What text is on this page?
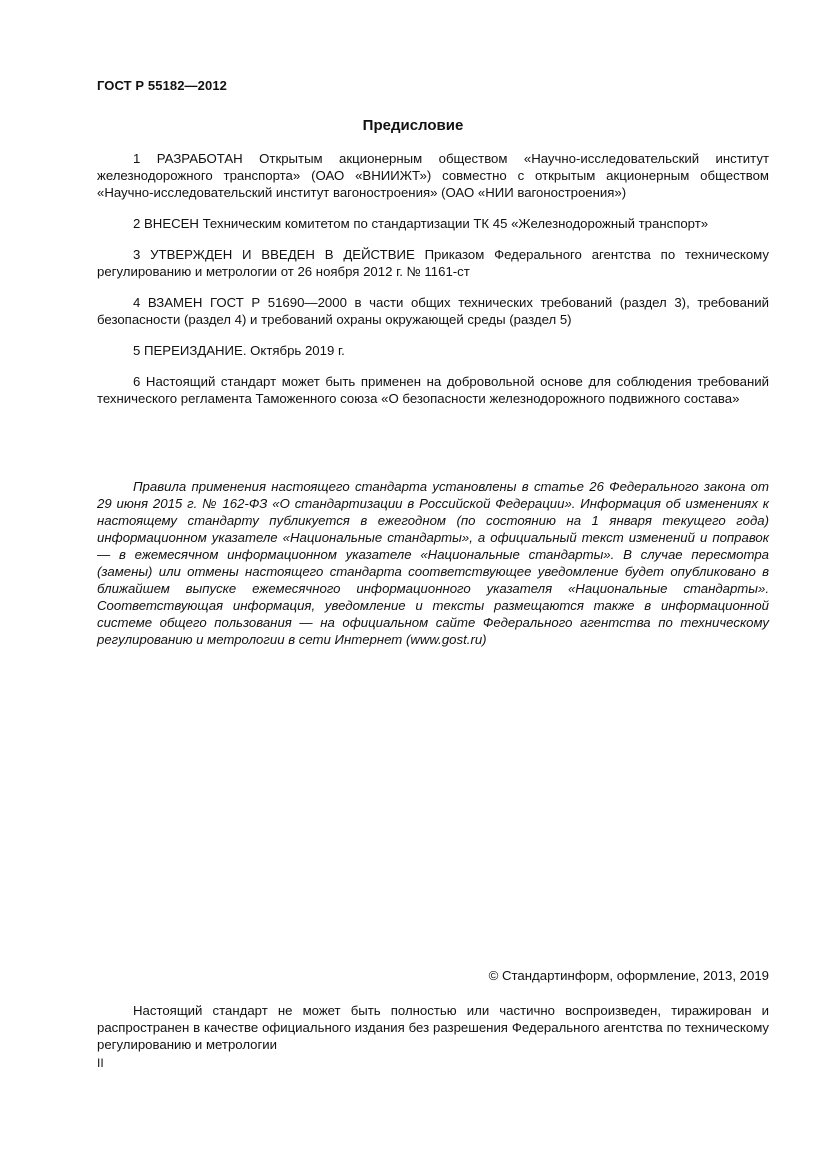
ГОСТ Р 55182—2012
Предисловие

1 РАЗРАБОТАН Открытым акционерным обществом «Научно-исследовательский институт железнодорожного транспорта» (ОАО «ВНИИЖТ») совместно с открытым акционерным обществом «Научно-исследовательский институт вагоностроения» (ОАО «НИИ вагоностроения»)

2 ВНЕСЕН Техническим комитетом по стандартизации ТК 45 «Железнодорожный транспорт»

3 УТВЕРЖДЕН И ВВЕДЕН В ДЕЙСТВИЕ Приказом Федерального агентства по техническому регулированию и метрологии от 26 ноября 2012 г. № 1161-ст

4 ВЗАМЕН ГОСТ Р 51690—2000 в части общих технических требований (раздел 3), требований безопасности (раздел 4) и требований охраны окружающей среды (раздел 5)

5 ПЕРЕИЗДАНИЕ. Октябрь 2019 г.

6 Настоящий стандарт может быть применен на добровольной основе для соблюдения требований технического регламента Таможенного союза «О безопасности железнодорожного подвижного состава»

Правила применения настоящего стандарта установлены в статье 26 Федерального закона от 29 июня 2015 г. № 162-ФЗ «О стандартизации в Российской Федерации». Информация об изменениях к настоящему стандарту публикуется в ежегодном (по состоянию на 1 января текущего года) информационном указателе «Национальные стандарты», а официальный текст изменений и поправок — в ежемесячном информационном указателе «Национальные стандарты». В случае пересмотра (замены) или отмены настоящего стандарта соответствующее уведомление будет опубликовано в ближайшем выпуске ежемесячного информационного указателя «Национальные стандарты». Соответствующая информация, уведомление и тексты размещаются также в информационной системе общего пользования — на официальном сайте Федерального агентства по техническому регулированию и метрологии в сети Интернет (www.gost.ru)

© Стандартинформ, оформление, 2013, 2019

Настоящий стандарт не может быть полностью или частично воспроизведен, тиражирован и распространен в качестве официального издания без разрешения Федерального агентства по техническому регулированию и метрологии

II
